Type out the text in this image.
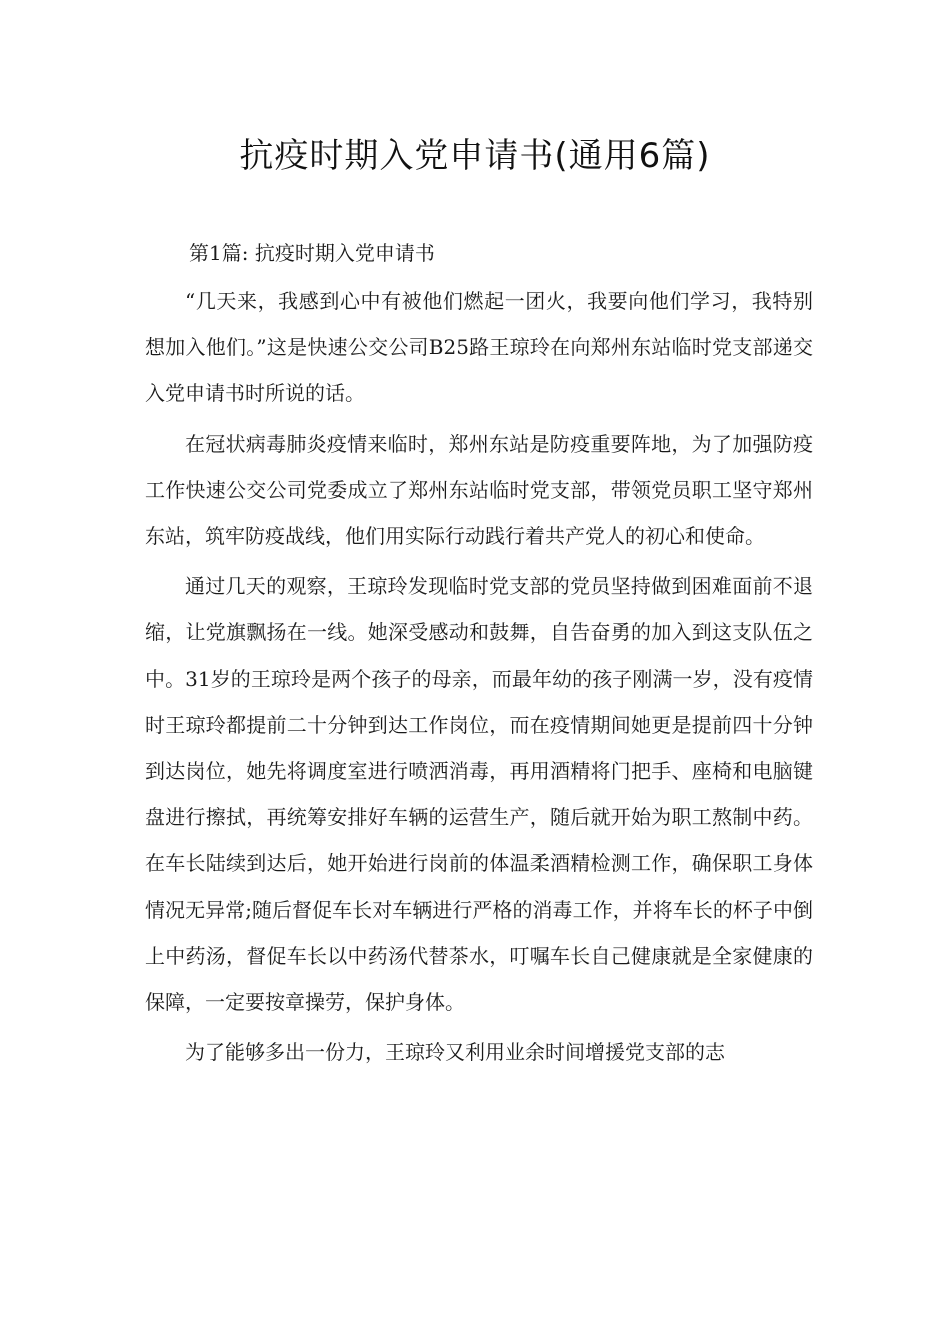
抗疫时期入党申请书(通用6篇)

第1篇: 抗疫时期入党申请书

“几天来，我感到心中有被他们燃起一团火，我要向他们学习，我特别想加入他们。”这是快速公交公司B25路王琼玲在向郑州东站临时党支部递交入党申请书时所说的话。

在冠状病毒肺炎疫情来临时，郑州东站是防疫重要阵地，为了加强防疫工作快速公交公司党委成立了郑州东站临时党支部，带领党员职工坚守郑州东站，筑牢防疫战线，他们用实际行动践行着共产党人的初心和使命。

通过几天的观察，王琼玲发现临时党支部的党员坚持做到困难面前不退缩，让党旗飘扬在一线。她深受感动和鼓舞，自告奋勇的加入到这支队伍之中。31岁的王琼玲是两个孩子的母亲，而最年幼的孩子刚满一岁，没有疫情时王琼玲都提前二十分钟到达工作岗位，而在疫情期间她更是提前四十分钟到达岗位，她先将调度室进行喷洒消毒，再用酒精将门把手、座椅和电脑键盘进行擦拭，再统筹安排好车辆的运营生产，随后就开始为职工熬制中药。在车长陆续到达后，她开始进行岗前的体温柔酒精检测工作，确保职工身体情况无异常;随后督促车长对车辆进行严格的消毒工作，并将车长的杯子中倒上中药汤，督促车长以中药汤代替茶水，叮嘱车长自己健康就是全家健康的保障，一定要按章操劳，保护身体。

为了能够多出一份力，王琼玲又利用业余时间增援党支部的志
